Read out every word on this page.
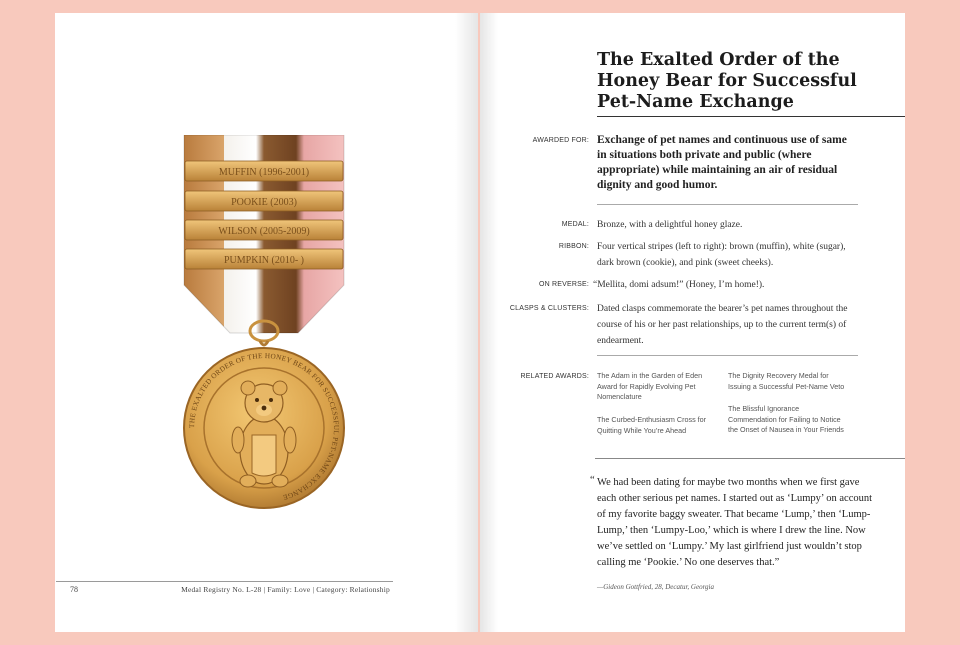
MUFFIN (1996-2001)
POOKIE (2003)
WILSON (2005-2009)
PUMPKIN (2010- )
THE EXALTED ORDER OF THE HONEY BEAR FOR SUCCESSFUL PET-NAME EXCHANGE
78	Medal Registry No. L-28 | Family: Love | Category: Relationship
The Exalted Order of the Honey Bear for Successful Pet-Name Exchange
AWARDED FOR: Exchange of pet names and continuous use of same in situations both private and public (where appropriate) while maintaining an air of residual dignity and good humor.
MEDAL: Bronze, with a delightful honey glaze.
RIBBON: Four vertical stripes (left to right): brown (muffin), white (sugar), dark brown (cookie), and pink (sweet cheeks).
ON REVERSE: “Mellita, domi adsum!” (Honey, I’m home!).
CLASPS & CLUSTERS: Dated clasps commemorate the bearer’s pet names throughout the course of his or her past relationships, up to the current term(s) of endearment.
RELATED AWARDS: The Adam in the Garden of Eden Award for Rapidly Evolving Pet Nomenclature
The Curbed-Enthusiasm Cross for Quitting While You’re Ahead
The Dignity Recovery Medal for Issuing a Successful Pet-Name Veto
The Blissful Ignorance Commendation for Failing to Notice the Onset of Nausea in Your Friends
“ We had been dating for maybe two months when we first gave each other serious pet names. I started out as ‘Lumpy’ on account of my favorite baggy sweater. That became ‘Lump,’ then ‘Lump-Lump,’ then ‘Lumpy-Loo,’ which is where I drew the line. Now we’ve settled on ‘Lumpy.’ My last girlfriend just wouldn’t stop calling me ‘Pookie.’ No one deserves that.”
—Gideon Gottfried, 28, Decatur, Georgia
